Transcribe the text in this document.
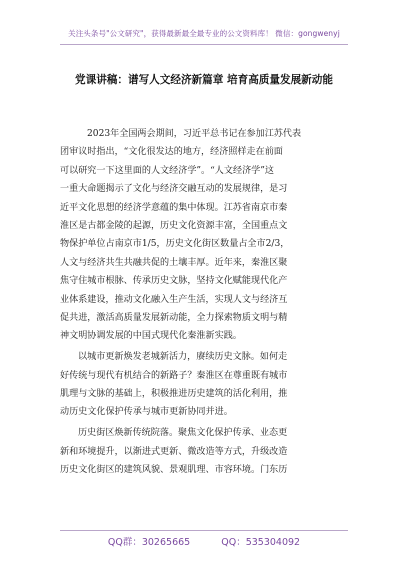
关注头条号"公文研究"，获得最新最全最专业的公文资料库！ 微信：gongwenyj
党课讲稿：谱写人文经济新篇章 培育高质量发展新动能
2023年全国两会期间，习近平总书记在参加江苏代表
团审议时指出，“文化很发达的地方，经济照样走在前面
可以研究一下这里面的人文经济学”。“人文经济学”这
一重大命题揭示了文化与经济交融互动的发展规律，是习
近平文化思想的经济学意蕴的集中体现。江苏省南京市秦
淮区是古都金陵的起源，历史文化资源丰富，全国重点文
物保护单位占南京市1/5，历史文化街区数量占全市2/3，
人文与经济共生共融共促的土壤丰厚。近年来，秦淮区聚
焦守住城市根脉、传承历史文脉，坚持文化赋能现代化产
业体系建设，推动文化融入生产生活，实现人文与经济互
促共进，激活高质量发展新动能，全力探索物质文明与精
神文明协调发展的中国式现代化秦淮新实践。
以城市更新焕发老城新活力，赓续历史文脉。如何走
好传统与现代有机结合的新路子？秦淮区在尊重既有城市
肌理与文脉的基础上，积极推进历史建筑的活化利用，推
动历史文化保护传承与城市更新协同并进。
历史街区焕新传统院落。聚焦文化保护传承、业态更
新和环境提升，以渐进式更新、微改造等方式，升级改造
历史文化街区的建筑风貌、景观肌理、市容环境。门东历
QQ群：30265665	QQ：535304092
